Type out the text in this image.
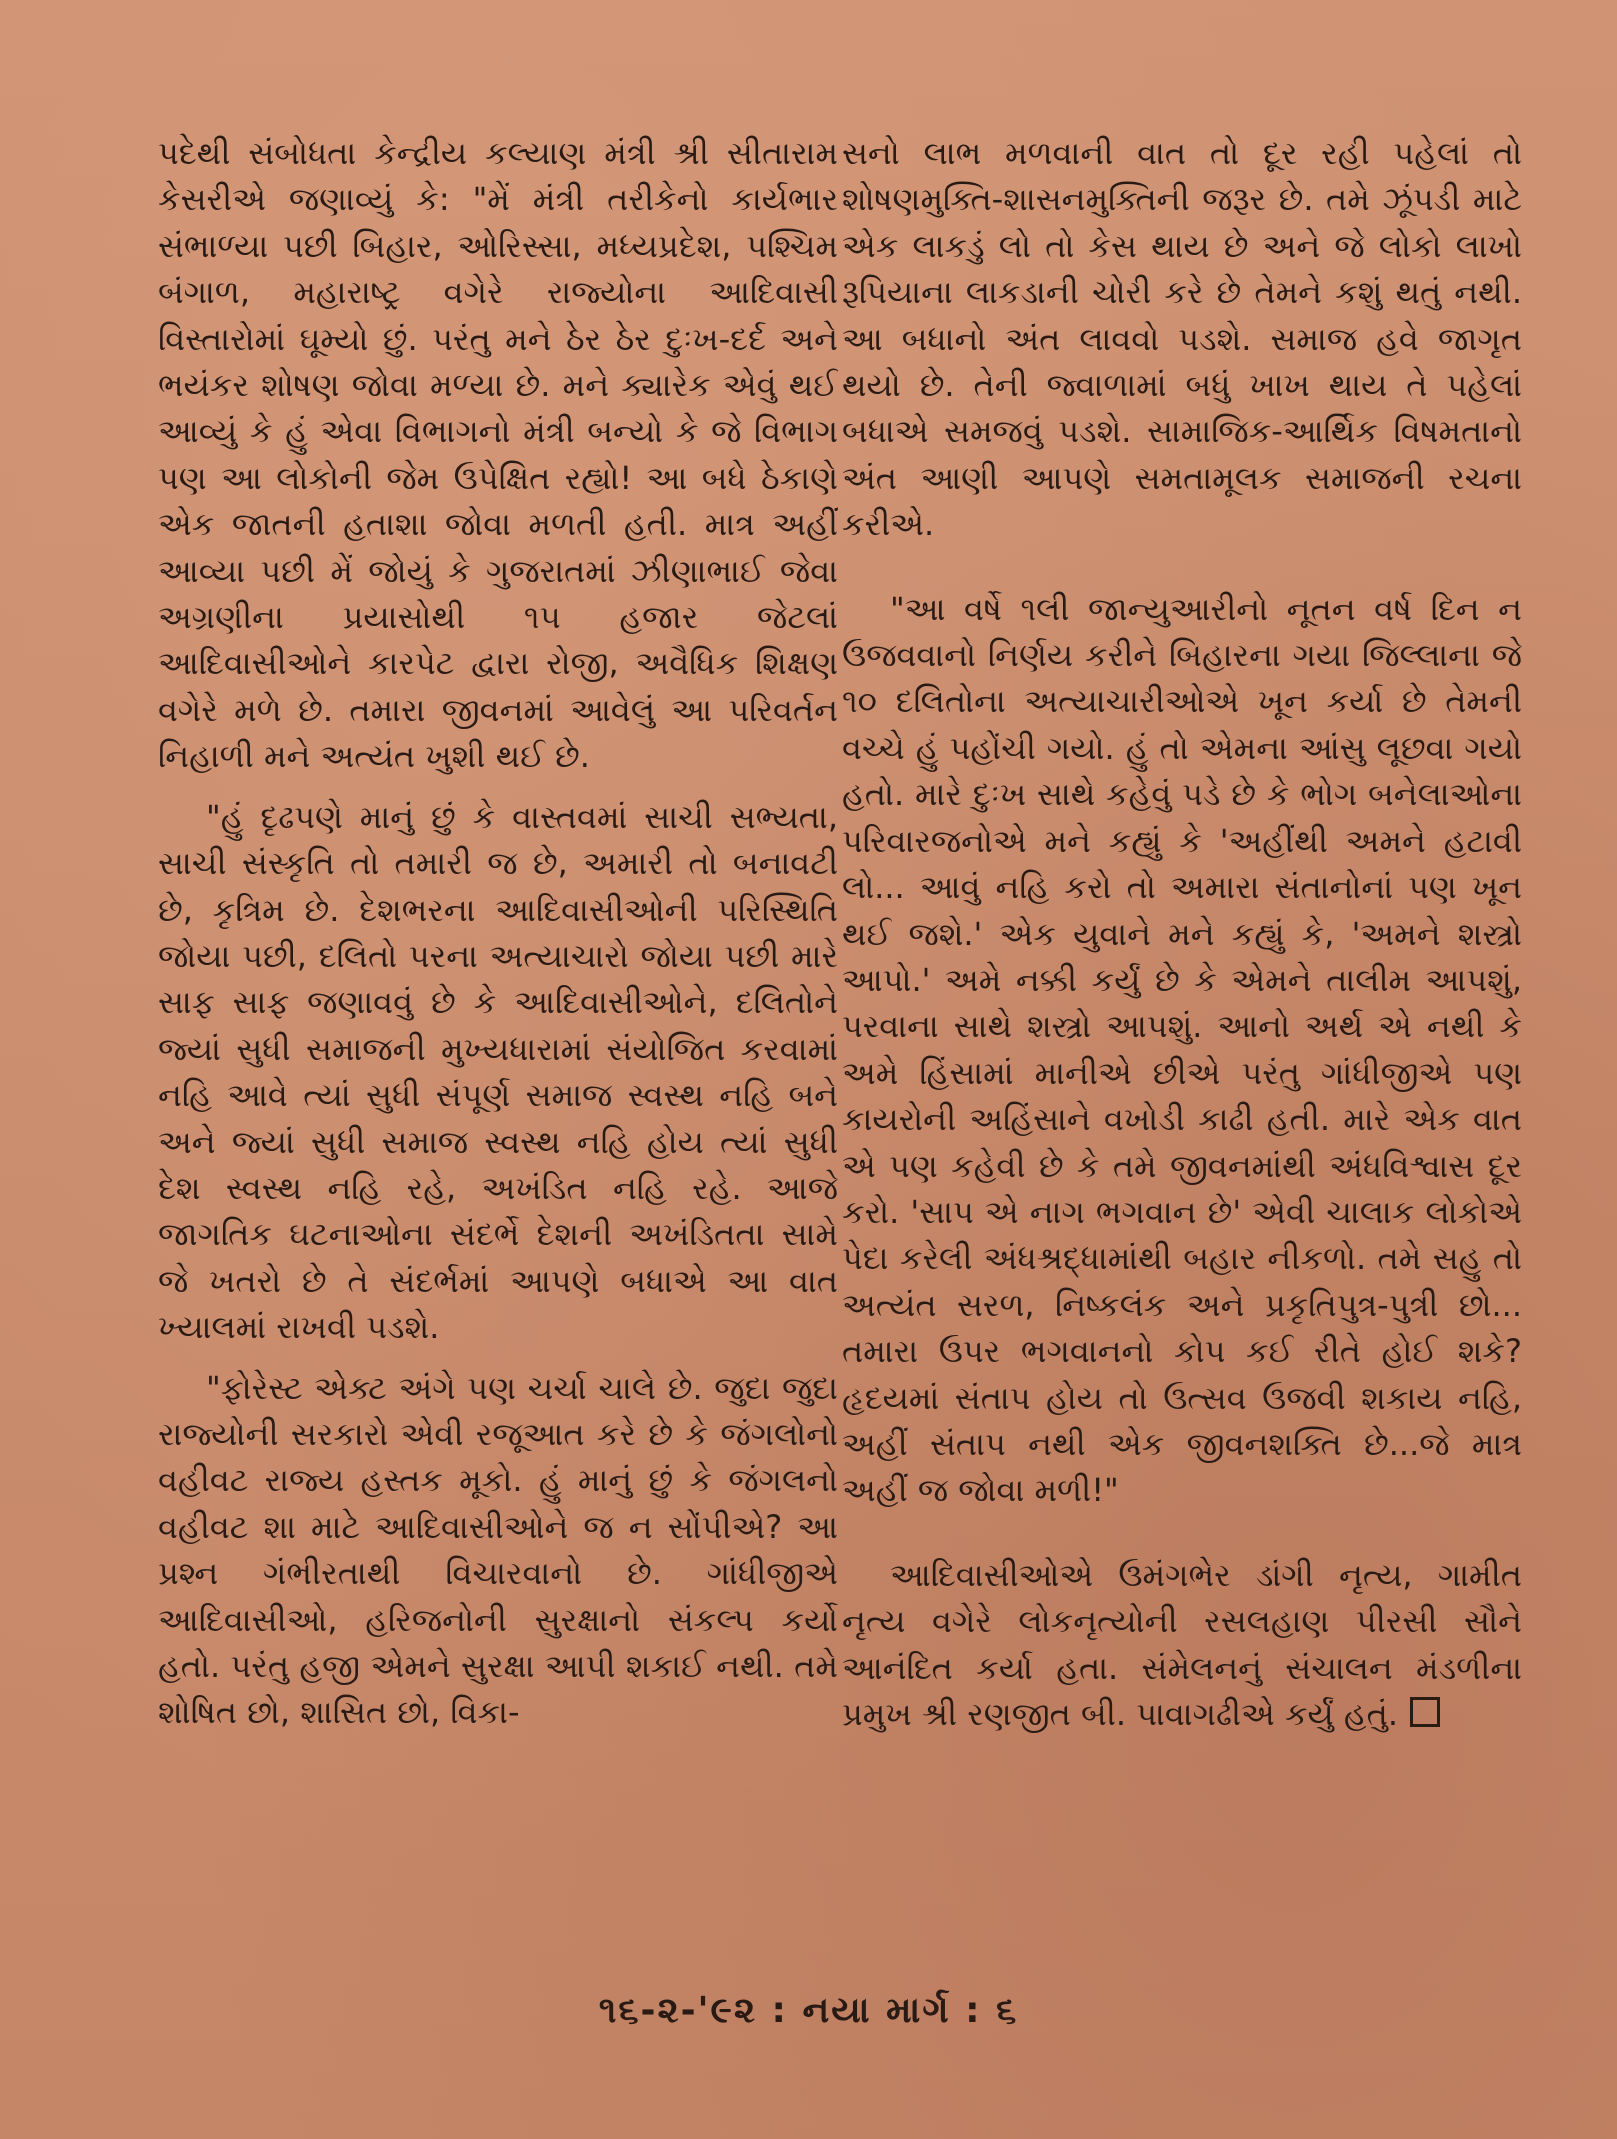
પદેથી સંબોધતા કેન્દ્રીય કલ્યાણ મંત્રી શ્રી સીતારામ કેસરીએ જણાવ્યું કે: "મેં મંત્રી તરીકેનો કાર્યભાર સંભાળ્યા પછી બિહાર, ઓરિસ્સા, મધ્યપ્રદેશ, પશ્ચિમ બંગાળ, મહારાષ્ટ્ર વગેરે રાજ્યોના આદિવાસી વિસ્તારોમાં ઘૂમ્યો છું. પરંતુ મને ઠેર ઠેર દુઃખ-દર્દ અને ભયંકર શોષણ જોવા મળ્યા છે. મને ક્યારેક એવું થઈ આવ્યું કે હું એવા વિભાગનો મંત્રી બન્યો કે જે વિભાગ પણ આ લોકોની જેમ ઉપેક્ષિત રહ્યો! આ બધે ઠેકાણે એક જાતની હતાશા જોવા મળતી હતી. માત્ર અહીં આવ્યા પછી મેં જોયું કે ગુજરાતમાં ઝીણાભાઈ જેવા અગ્રણીના પ્રયાસોથી ૧૫ હજાર જેટલાં આદિવાસીઓને કારપેટ દ્વારા રોજી, અવૈધિક શિક્ષણ વગેરે મળે છે. તમારા જીવનમાં આવેલું આ પરિવર્તન નિહાળી મને અત્યંત ખુશી થઈ છે.

"હું દૃઢપણે માનું છું કે વાસ્તવમાં સાચી સભ્યતા, સાચી સંસ્કૃતિ તો તમારી જ છે, અમારી તો બનાવટી છે, કૃત્રિમ છે. દેશભરના આદિવાસીઓની પરિસ્થિતિ જોયા પછી, દલિતો પરના અત્યાચારો જોયા પછી મારે સાફ સાફ જણાવવું છે કે આદિવાસીઓને, દલિતોને જ્યાં સુધી સમાજની મુખ્યધારામાં સંયોજિત કરવામાં નહિ આવે ત્યાં સુધી સંપૂર્ણ સમાજ સ્વસ્થ નહિ બને અને જ્યાં સુધી સમાજ સ્વસ્થ નહિ હોય ત્યાં સુધી દેશ સ્વસ્થ નહિ રહે, અખંડિત નહિ રહે. આજે જાગતિક ઘટનાઓના સંદર્ભે દેશની અખંડિતતા સામે જે ખતરો છે તે સંદર્ભમાં આપણે બધાએ આ વાત ખ્યાલમાં રાખવી પડશે.

"ફોરેસ્ટ એક્ટ અંગે પણ ચર્ચા ચાલે છે. જુદા જુદા રાજ્યોની સરકારો એવી રજૂઆત કરે છે કે જંગલોનો વહીવટ રાજ્ય હસ્તક મૂકો. હું માનું છું કે જંગલનો વહીવટ શા માટે આદિવાસીઓને જ ન સોંપીએ? આ પ્રશ્ન ગંભીરતાથી વિચારવાનો છે. ગાંધીજીએ આદિવાસીઓ, હરિજનોની સુરક્ષાનો સંકલ્પ કર્યો હતો. પરંતુ હજી એમને સુરક્ષા આપી શકાઈ નથી. તમે શોષિત છો, શાસિત છો, વિકા-

સનો લાભ મળવાની વાત તો દૂર રહી પહેલાં તો શોષણમુક્તિ-શાસનમુક્તિની જરૂર છે. તમે ઝૂંપડી માટે એક લાકડું લો તો કેસ થાય છે અને જે લોકો લાખો રૂપિયાના લાકડાની ચોરી કરે છે તેમને કશું થતું નથી. આ બધાનો અંત લાવવો પડશે. સમાજ હવે જાગૃત થયો છે. તેની જ્વાળામાં બધું ખાખ થાય તે પહેલાં બધાએ સમજવું પડશે. સામાજિક-આર્થિક વિષમતાનો અંત આણી આપણે સમતામૂલક સમાજની રચના કરીએ.

"આ વર્ષે ૧લી જાન્યુઆરીનો નૂતન વર્ષ દિન ન ઉજવવાનો નિર્ણય કરીને બિહારના ગયા જિલ્લાના જે ૧૦ દલિતોના અત્યાચારીઓએ ખૂન કર્યા છે તેમની વચ્ચે હું પહોંચી ગયો. હું તો એમના આંસુ લૂછવા ગયો હતો. મારે દુઃખ સાથે કહેવું પડે છે કે ભોગ બનેલાઓના પરિવારજનોએ મને કહ્યું કે 'અહીંથી અમને હટાવી લો... આવું નહિ કરો તો અમારા સંતાનોનાં પણ ખૂન થઈ જશે.' એક યુવાને મને કહ્યું કે, 'અમને શસ્ત્રો આપો.' અમે નક્કી કર્યું છે કે એમને તાલીમ આપશું, પરવાના સાથે શસ્ત્રો આપશું. આનો અર્થ એ નથી કે અમે હિંસામાં માનીએ છીએ પરંતુ ગાંધીજીએ પણ કાયરોની અહિંસાને વખોડી કાઢી હતી. મારે એક વાત એ પણ કહેવી છે કે તમે જીવનમાંથી અંધવિશ્વાસ દૂર કરો. 'સાપ એ નાગ ભગવાન છે' એવી ચાલાક લોકોએ પેદા કરેલી અંધશ્રદ્ધામાંથી બહાર નીકળો. તમે સહુ તો અત્યંત સરળ, નિષ્કલંક અને પ્રકૃતિપુત્ર-પુત્રી છો... તમારા ઉપર ભગવાનનો કોપ કઈ રીતે હોઈ શકે? હૃદયમાં સંતાપ હોય તો ઉત્સવ ઉજવી શકાય નહિ, અહીં સંતાપ નથી એક જીવનશક્તિ છે...જે માત્ર અહીં જ જોવા મળી!"

આદિવાસીઓએ ઉમંગભેર ડાંગી નૃત્ય, ગામીત નૃત્ય વગેરે લોકનૃત્યોની રસલહાણ પીરસી સૌને આનંદિત કર્યા હતા. સંમેલનનું સંચાલન મંડળીના પ્રમુખ શ્રી રણજીત બી. પાવાગઢીએ કર્યું હતું.

૧૬-૨-'૯૨ : નયા માર્ગ : ૬
